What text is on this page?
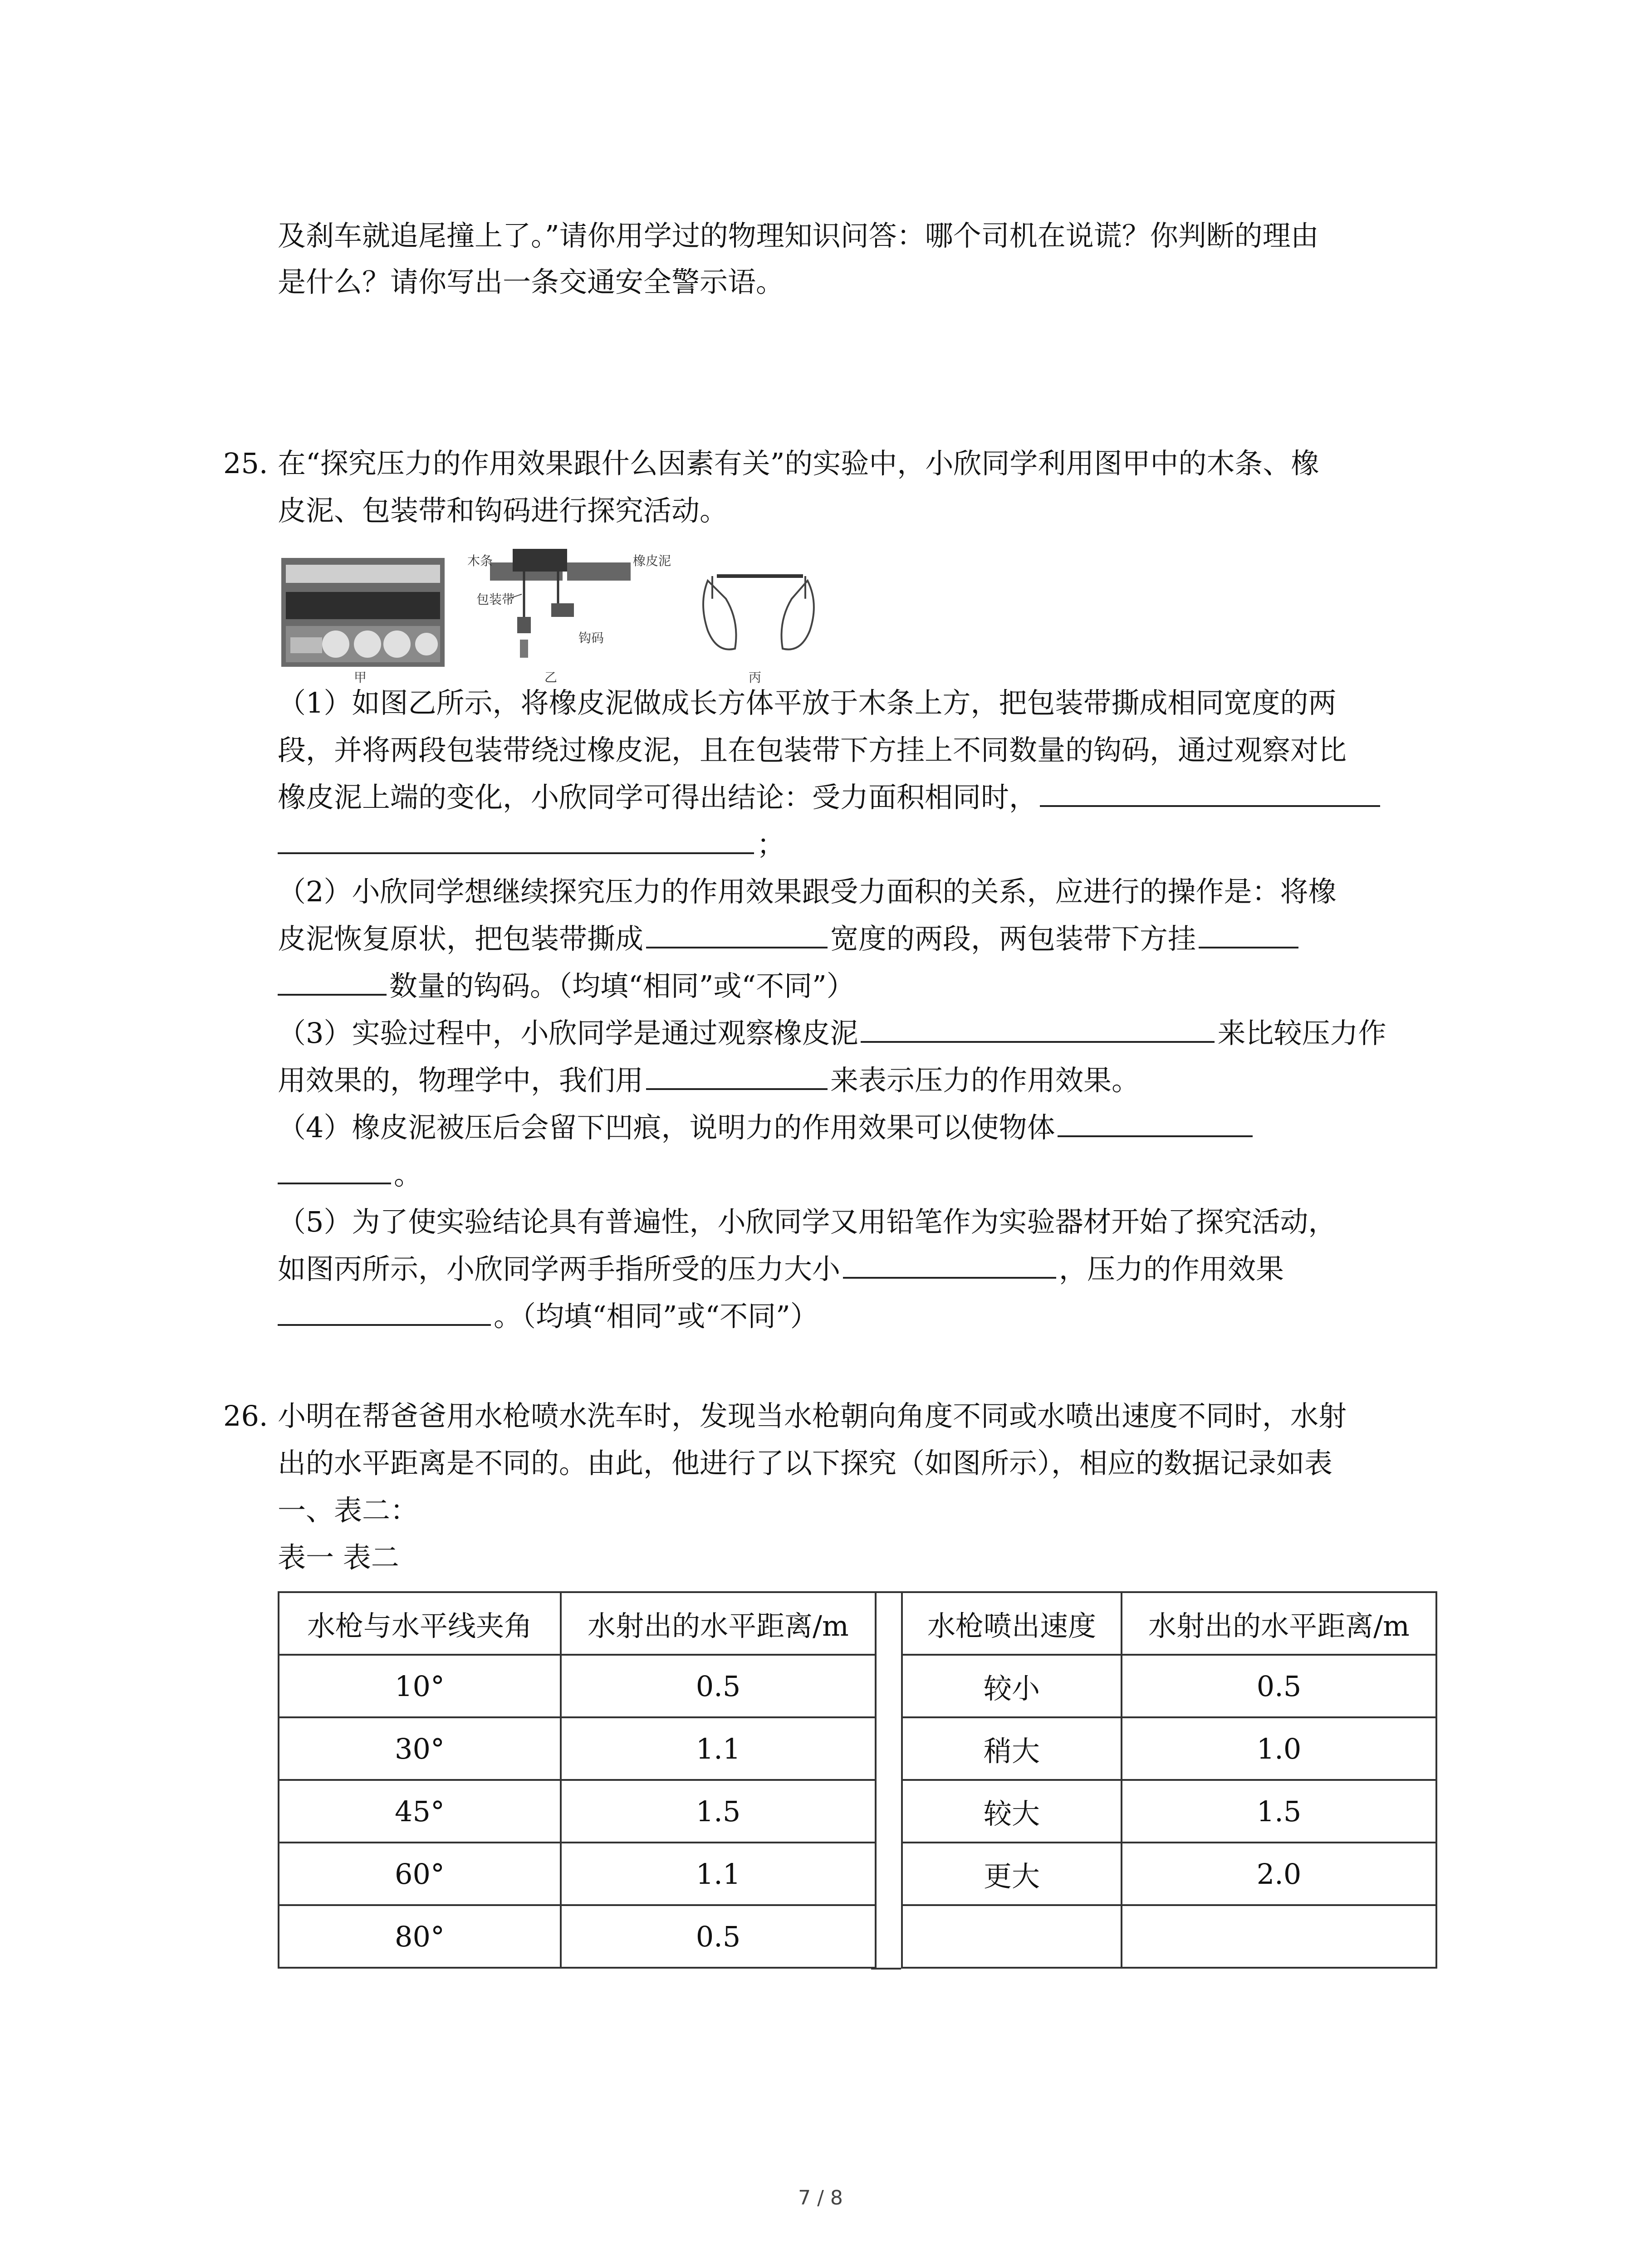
及刹车就追尾撞上了。”请你用学过的物理知识问答：哪个司机在说谎？你判断的理由
是什么？请你写出一条交通安全警示语。
25. 在“探究压力的作用效果跟什么因素有关”的实验中，小欣同学利用图甲中的木条、橡
皮泥、包装带和钩码进行探究活动。
甲
木条	橡皮泥
包装带
钩码
乙	丙
（1）如图乙所示，将橡皮泥做成长方体平放于木条上方，把包装带撕成相同宽度的两
段，并将两段包装带绕过橡皮泥，且在包装带下方挂上不同数量的钩码，通过观察对比
橡皮泥上端的变化，小欣同学可得出结论：受力面积相同时，
；
（2）小欣同学想继续探究压力的作用效果跟受力面积的关系，应进行的操作是：将橡
皮泥恢复原状，把包装带撕成	宽度的两段，两包装带下方挂
数量的钩码。（均填“相同”或“不同”）
（3）实验过程中，小欣同学是通过观察橡皮泥	来比较压力作
用效果的，物理学中，我们用	来表示压力的作用效果。
（4）橡皮泥被压后会留下凹痕，说明力的作用效果可以使物体
。
（5）为了使实验结论具有普遍性，小欣同学又用铅笔作为实验器材开始了探究活动，
如图丙所示，小欣同学两手指所受的压力大小	，压力的作用效果
。（均填“相同”或“不同”）
26. 小明在帮爸爸用水枪喷水洗车时，发现当水枪朝向角度不同或水喷出速度不同时，水射
出的水平距离是不同的。由此，他进行了以下探究（如图所示），相应的数据记录如表
一、表二：
表一 表二
水枪与水平线夹角	水射出的水平距离/m
10°	0.5
30°	1.1
45°	1.5
60°	1.1
80°	0.5
水枪喷出速度	水射出的水平距离/m
较小	0.5
稍大	1.0
较大	1.5
更大	2.0

7 / 8
